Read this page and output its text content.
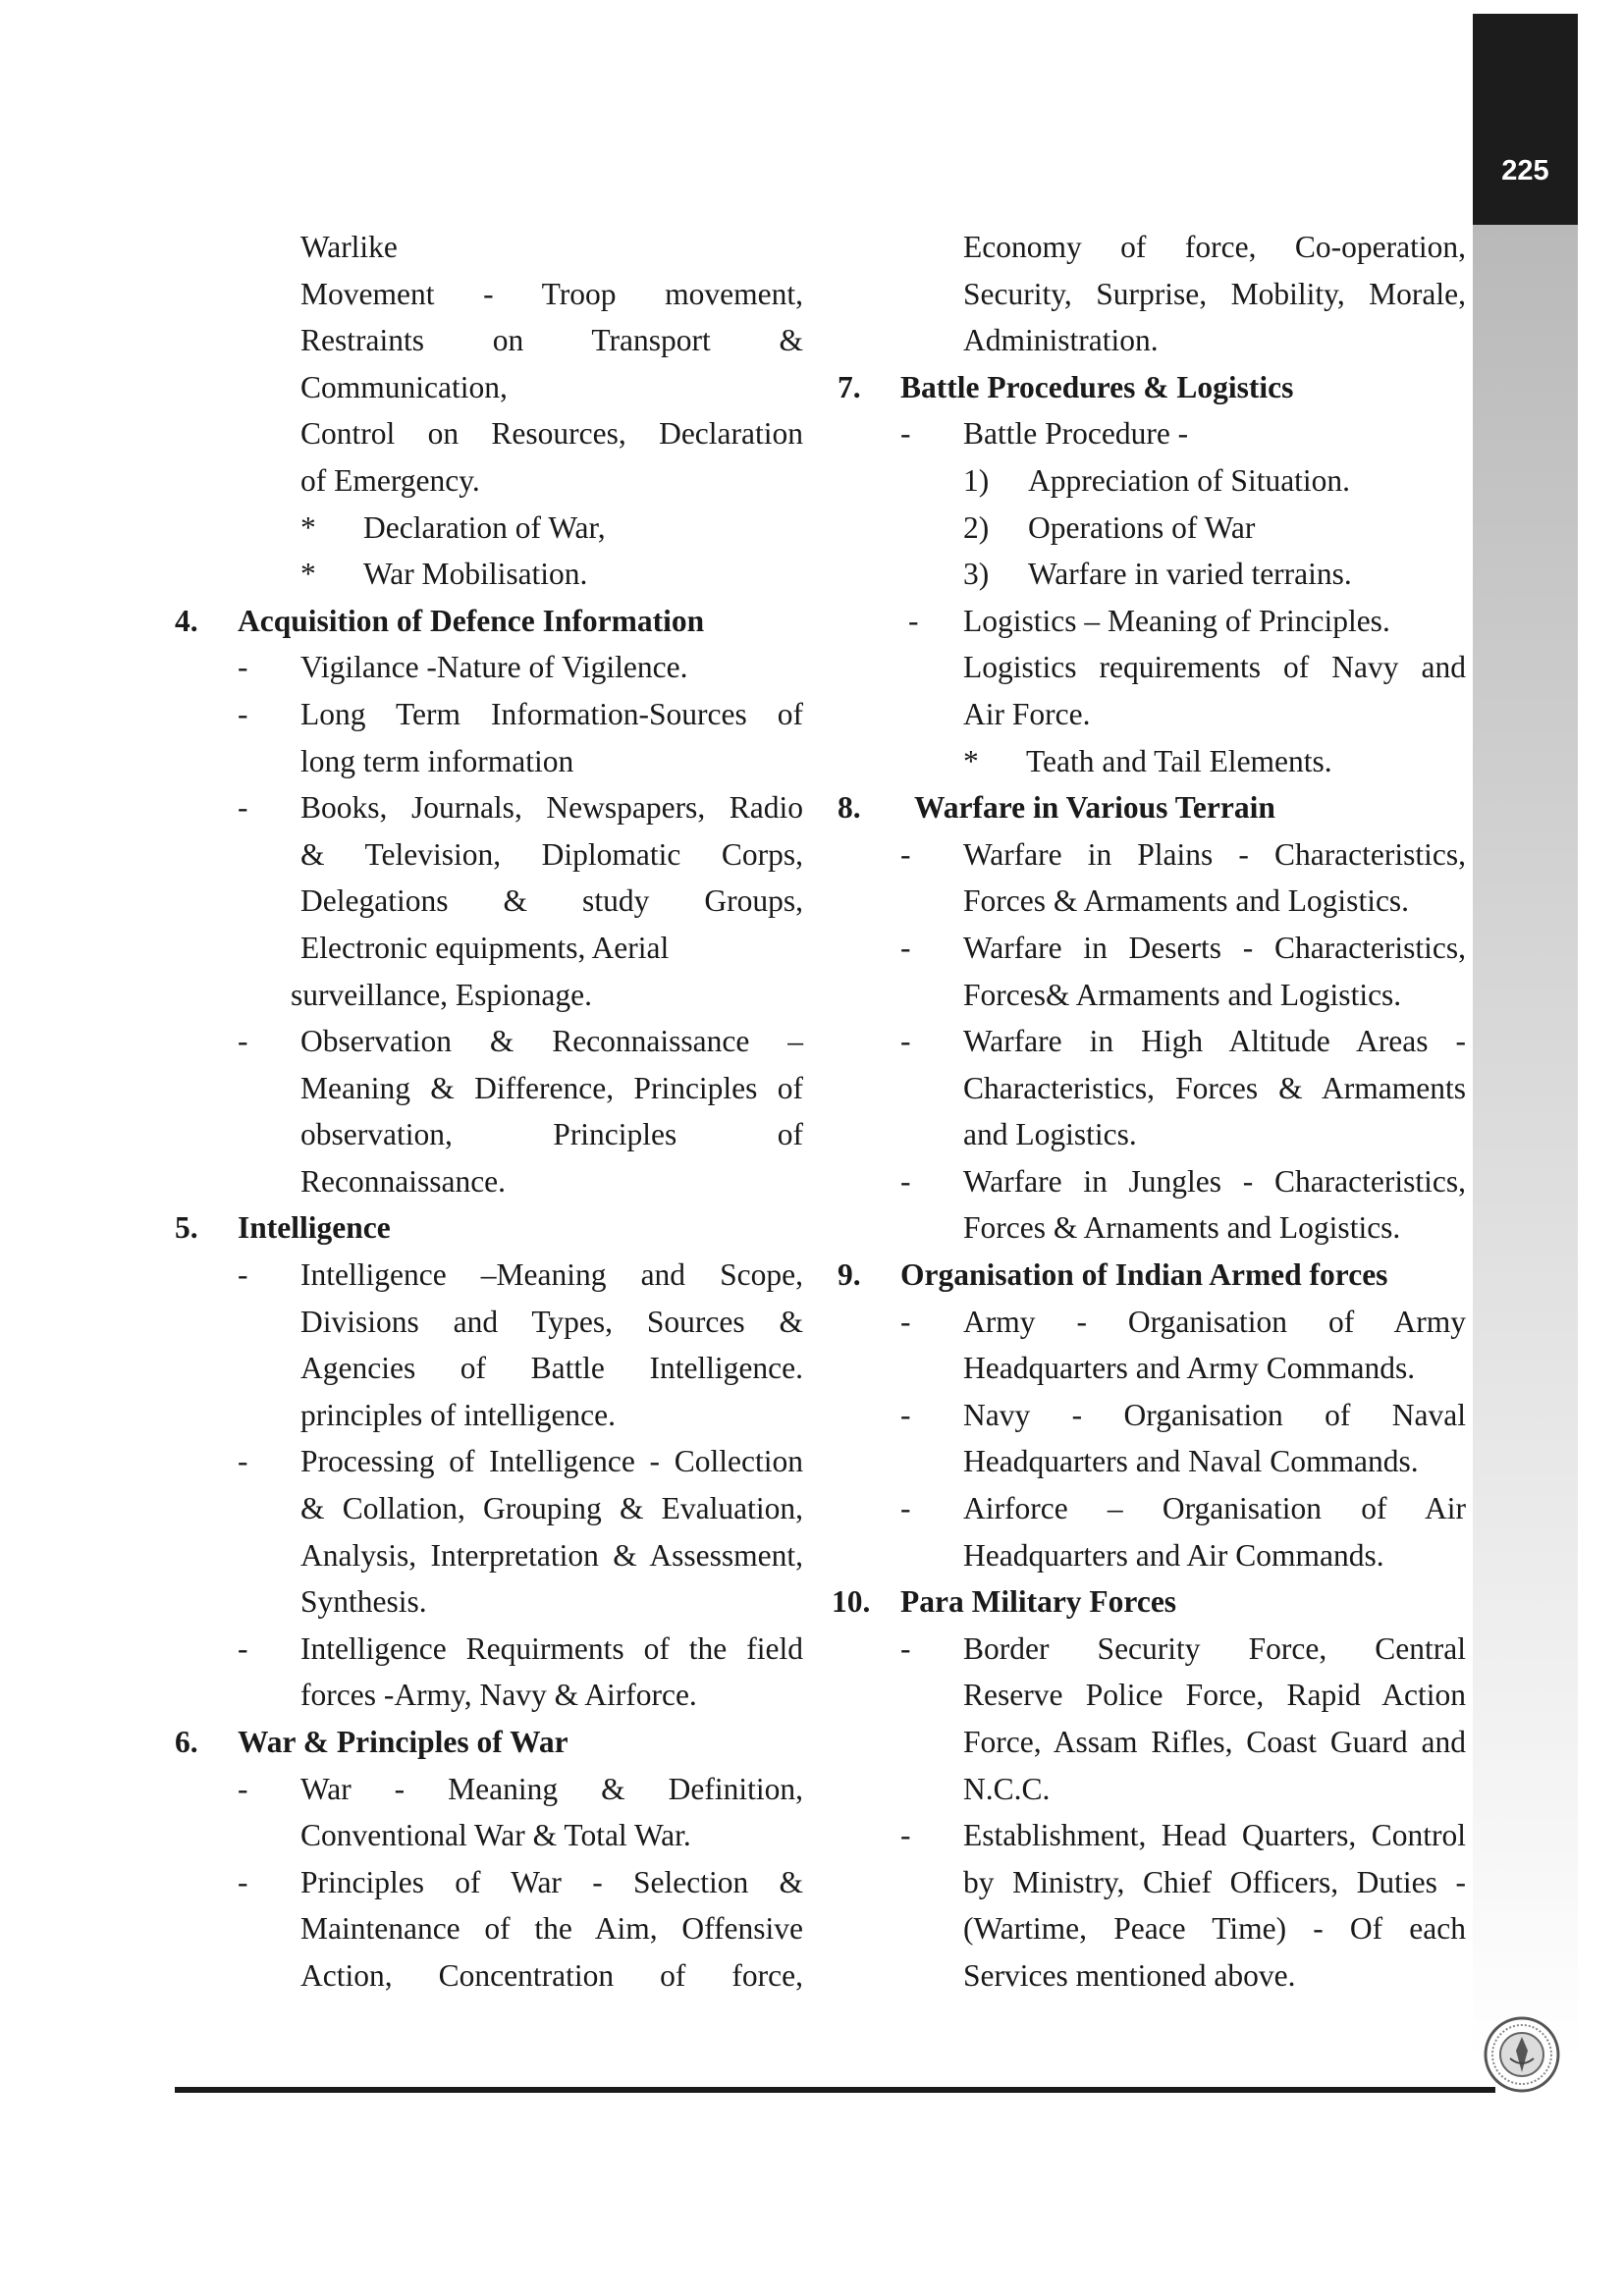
225
Warlike
Movement - Troop movement,
Restraints on Transport &
Communication,
Control on Resources, Declaration
of Emergency.
* Declaration of War,
* War Mobilisation.
4. Acquisition of Defence Information
- Vigilance -Nature of Vigilence.
- Long Term Information-Sources of
long term information
- Books, Journals, Newspapers, Radio
& Television, Diplomatic Corps,
Delegations & study Groups,
Electronic equipments, Aerial
surveillance, Espionage.
- Observation & Reconnaissance –
Meaning & Difference, Principles of
observation, Principles of
Reconnaissance.
5. Intelligence
- Intelligence –Meaning and Scope,
Divisions and Types, Sources &
Agencies of Battle Intelligence.
principles of intelligence.
- Processing of Intelligence - Collection
& Collation, Grouping & Evaluation,
Analysis, Interpretation & Assessment,
Synthesis.
- Intelligence Requirments of the field
forces -Army, Navy & Airforce.
6. War & Principles of War
- War - Meaning & Definition,
Conventional War & Total War.
- Principles of War - Selection &
Maintenance of the Aim, Offensive
Action, Concentration of force,
Economy of force, Co-operation,
Security, Surprise, Mobility, Morale,
Administration.
7. Battle Procedures & Logistics
- Battle Procedure -
1) Appreciation of Situation.
2) Operations of War
3) Warfare in varied terrains.
- Logistics – Meaning of Principles.
Logistics requirements of Navy and
Air Force.
* Teath and Tail Elements.
8. Warfare in Various Terrain
- Warfare in Plains - Characteristics,
Forces & Armaments and Logistics.
- Warfare in Deserts - Characteristics,
Forces& Armaments and Logistics.
- Warfare in High Altitude Areas -
Characteristics, Forces & Armaments
and Logistics.
- Warfare in Jungles - Characteristics,
Forces & Arnaments and Logistics.
9. Organisation of Indian Armed forces
- Army - Organisation of Army
Headquarters and Army Commands.
- Navy - Organisation of Naval
Headquarters and Naval Commands.
- Airforce – Organisation of Air
Headquarters and Air Commands.
10. Para Military Forces
- Border Security Force, Central
Reserve Police Force, Rapid Action
Force, Assam Rifles, Coast Guard and
N.C.C.
- Establishment, Head Quarters, Control
by Ministry, Chief Officers, Duties -
(Wartime, Peace Time) - Of each
Services mentioned above.
